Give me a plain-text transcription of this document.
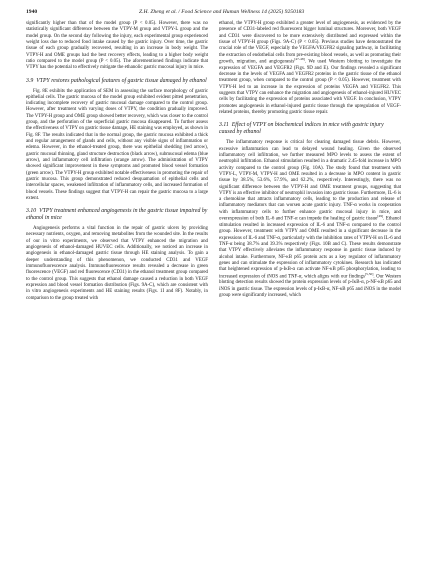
1940	Z.H. Zheng et al. / Food Science and Human Wellness 14 (2025) 9250183

significantly higher than that of the model group (P < 0.05). However, there was no statistically significant difference between the VTPY-M group and VTPY-L group and the model group. On the second day following the injury, each experimental group experienced weight loss due to reduced food intake caused by the gastric injury. Over time, the gastric tissue of each group gradually recovered, resulting in an increase in body weight. The VTPY-H and OME groups had the best recovery effects, leading to a higher body weight ratio compared to the model group (P < 0.05). The aforementioned findings indicate that VTPY has the potential to effectively mitigate the ethanolic gastric mucosal injury in mice.

3.9 VTPY restores pathological features of gastric tissue damaged by ethanol

Fig. 8E exhibits the application of SEM in assessing the surface morphology of gastric epithelial cells. The gastric mucosa of the model group exhibited evident pitted penetration, indicating incomplete recovery of gastric mucosal damage compared to the control group. However, after treatment with varying doses of VTPY, the condition gradually improved. The VTPY-H group and OME group showed better recovery, which was closer to the control group, and the perforation of the superficial gastric mucosa disappeared. To further assess the effectiveness of VTPY on gastric tissue damage, HE staining was employed, as shown in Fig. 8F. The results indicated that in the normal group, the gastric mucosa exhibited a thick and regular arrangement of glands and cells, without any visible signs of inflammation or edema. However, in the ethanol-treated group, there was epithelial shedding (red arrow), gastric mucosal thinning, gland structure destruction (black arrow), submucosal edema (blue arrow), and inflammatory cell infiltration (orange arrow). The administration of VTPY showed significant improvement in these symptoms and promoted blood vessel formation (green arrow). The VTPY-H group exhibited notable effectiveness in promoting the repair of gastric mucosa. This group demonstrated reduced desquamation of epithelial cells and intercellular spaces, weakened infiltration of inflammatory cells, and increased formation of blood vessels. These findings suggest that VTPY-H can repair the gastric mucosa to a large extent.

3.10 VTPY treatment enhanced angiogenesis in the gastric tissue impaired by ethanol in mice

Angiogenesis performs a vital function in the repair of gastric ulcers by providing necessary nutrients, oxygen, and removing metabolites from the wounded site. In the results of our in vitro experiments, we observed that VTPY enhanced the migration and angiogenesis of ethanol-damaged HUVEC cells. Additionally, we noticed an increase in angiogenesis in ethanol-damaged gastric tissue through HE staining analysis. To gain a deeper understanding of this phenomenon, we conducted CD31 and VEGF immunofluorescence analysis. Immunofluorescence results revealed a decrease in green fluorescence (VEGF) and red fluorescence (CD31) in the ethanol treatment group compared to the control group. This suggests that ethanol damage caused a reduction in both VEGF expression and blood vessel formation distribution (Figs. 9A-C), which are consistent with in vitro angiogenesis experiments and HE staining results (Figs. 1I and 8F). Notably, in comparison to the group treated with

ethanol, the VTPY-H group exhibited a greater level of angiogenesis, as evidenced by the presence of CD31-labeled red fluorescent bigger luminal structures. Moreover, both VEGF and CD31 were discovered to be more extensively distributed and expressed within the tissue of VTPY-H group (Figs. 9A-C) (P < 0.05). Previous studies have demonstrated the crucial role of the VEGF, especially the VEGFA/VEGFR2 signaling pathway, in facilitating the extraction of endothelial cells from pre-existing blood vessels, as well as promoting their growth, migration, and angiogenesis[47-48]. We used Western blotting to investigate the expression of VEGFA and VEGFR2 (Figs. 9D and E). Our findings revealed a significant decrease in the levels of VEGFA and VEGFR2 proteins in the gastric tissue of the ethanol treatment group, when compared to the control group (P < 0.05). However, treatment with VTPY-H led to an increase in the expression of proteins VEGFA and VEGFR2. This suggests that VTPY can enhance the migration and angiogenesis of ethanol-injured HUVEC cells by facilitating the expression of proteins associated with VEGF. In conclusion, VTPY promotes angiogenesis in ethanol-injured gastric tissue through the upregulation of VEGF-related proteins, thereby promoting gastric tissue repair.

3.11 Effect of VTPY on biochemical indices in mice with gastric injury caused by ethanol

The inflammatory response is critical for clearing damaged tissue debris. However, excessive inflammation can lead to delayed wound healing. Given the observed inflammatory cell infiltration, we further measured MPO levels to assess the extent of neutrophil infiltration. Ethanol stimulation resulted in a dramatic 2.45-fold increase in MPO activity compared to the control group (Fig. 10A). The study found that treatment with VTPY-L, VTPY-M, VTPY-H and OME resulted in a decrease in MPO content in gastric tissue by 38.5%, 53.6%, 57.9%, and 62.2%, respectively. Interestingly, there was no significant difference between the VTPY-H and OME treatment groups, suggesting that VTPY is an effective inhibitor of neutrophil invasion into gastric tissue. Furthermore, IL-6 is a chemokine that attracts inflammatory cells, leading to the production and release of inflammatory mediators that can worsen acute gastric injury. TNF-α works in cooperation with inflammatory cells to further enhance gastric mucosal injury in mice, and overexpression of both IL-6 and TNF-α can impede the healing of gastric tissue[49]. Ethanol stimulation resulted in increased expression of IL-6 and TNF-α compared to the control group. However, treatment with VTPY and OME resulted in a significant decrease in the expressions of IL-6 and TNF-α, particularly with the inhibition rates of VTPY-H on IL-6 and TNF-α being 38.7% and 39.3% respectively (Figs. 10B and C). These results demonstrate that VTPY effectively alleviates the inflammatory response in gastric tissue induced by alcohol intake. Furthermore, NF-κB p65 protein acts as a key regulator of inflammatory genes and can stimulate the expression of inflammatory cytokines. Research has indicated that heightened expression of p-IκB-α can activate NF-κB p65 phosphorylation, leading to increased expression of iNOS and TNF-α, which aligns with our findings[5,50]. Our Western blotting detection results showed the protein expression levels of p-IκB-α, p-NF-κB p65 and iNOS in gastric tissue. The expression levels of p-IκB-α, NF-κB p65 and iNOS in the model group were significantly increased, which
